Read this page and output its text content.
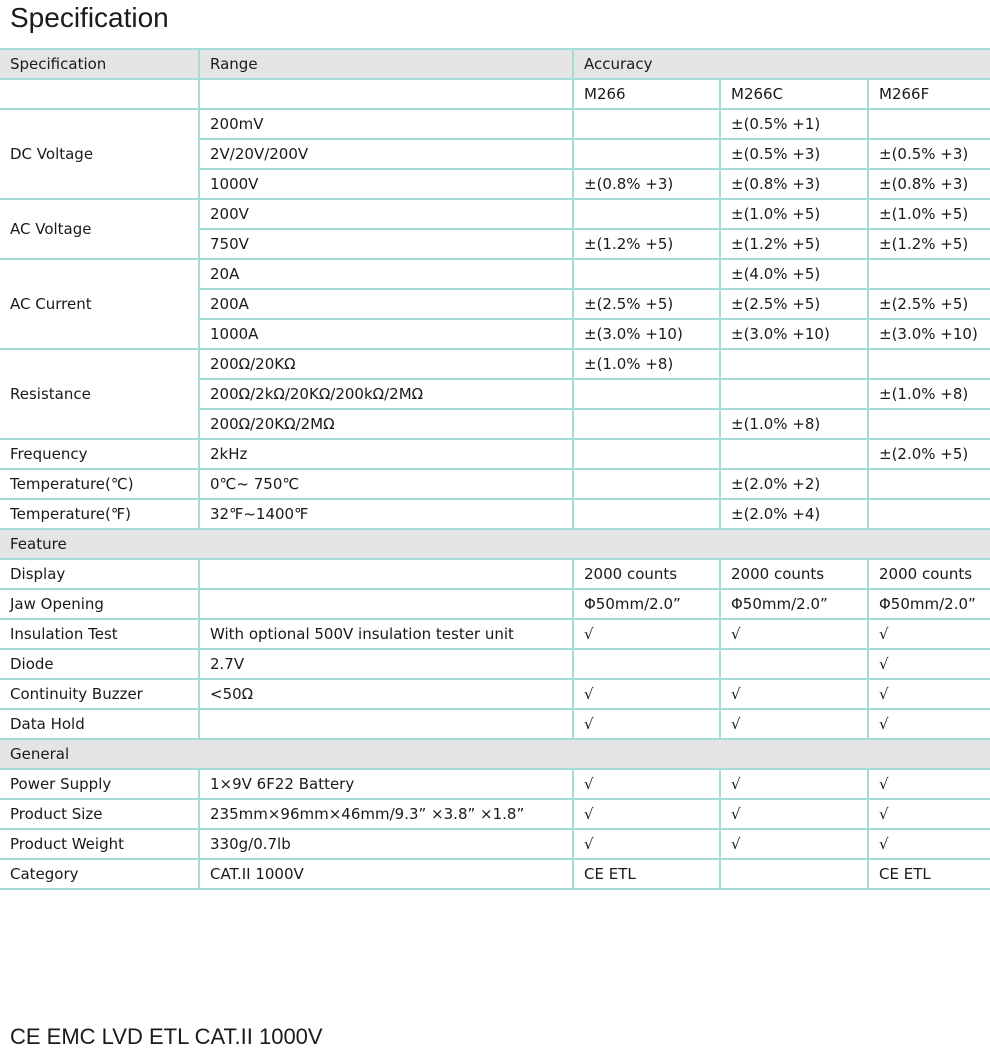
Specification
Specification	Range	Accuracy		
		M266	M266C	M266F
DC Voltage	200mV		±(0.5% +1)	
	2V/20V/200V		±(0.5% +3)	±(0.5% +3)
	1000V	±(0.8% +3)	±(0.8% +3)	±(0.8% +3)
AC Voltage	200V		±(1.0% +5)	±(1.0% +5)
	750V	±(1.2% +5)	±(1.2% +5)	±(1.2% +5)
AC Current	20A		±(4.0% +5)	
	200A	±(2.5% +5)	±(2.5% +5)	±(2.5% +5)
	1000A	±(3.0% +10)	±(3.0% +10)	±(3.0% +10)
Resistance	200Ω/20KΩ	±(1.0% +8)		
	200Ω/2kΩ/20KΩ/200kΩ/2MΩ			±(1.0% +8)
	200Ω/20KΩ/2MΩ		±(1.0% +8)	
Frequency	2kHz			±(2.0% +5)
Temperature(℃)	0℃~ 750℃		±(2.0% +2)	
Temperature(℉)	32℉~1400℉		±(2.0% +4)	
Feature				
Display		2000 counts	2000 counts	2000 counts
Jaw Opening		Φ50mm/2.0”	Φ50mm/2.0”	Φ50mm/2.0”
Insulation Test	With optional 500V insulation tester unit	√	√	√
Diode	2.7V			√
Continuity Buzzer	<50Ω	√	√	√
Data Hold		√	√	√
General				
Power Supply	1×9V 6F22 Battery	√	√	√
Product Size	235mm×96mm×46mm/9.3” ×3.8” ×1.8”	√	√	√
Product Weight	330g/0.7lb	√	√	√
Category	CAT.II 1000V	CE ETL		CE ETL
CE EMC LVD ETL CAT.II 1000V
